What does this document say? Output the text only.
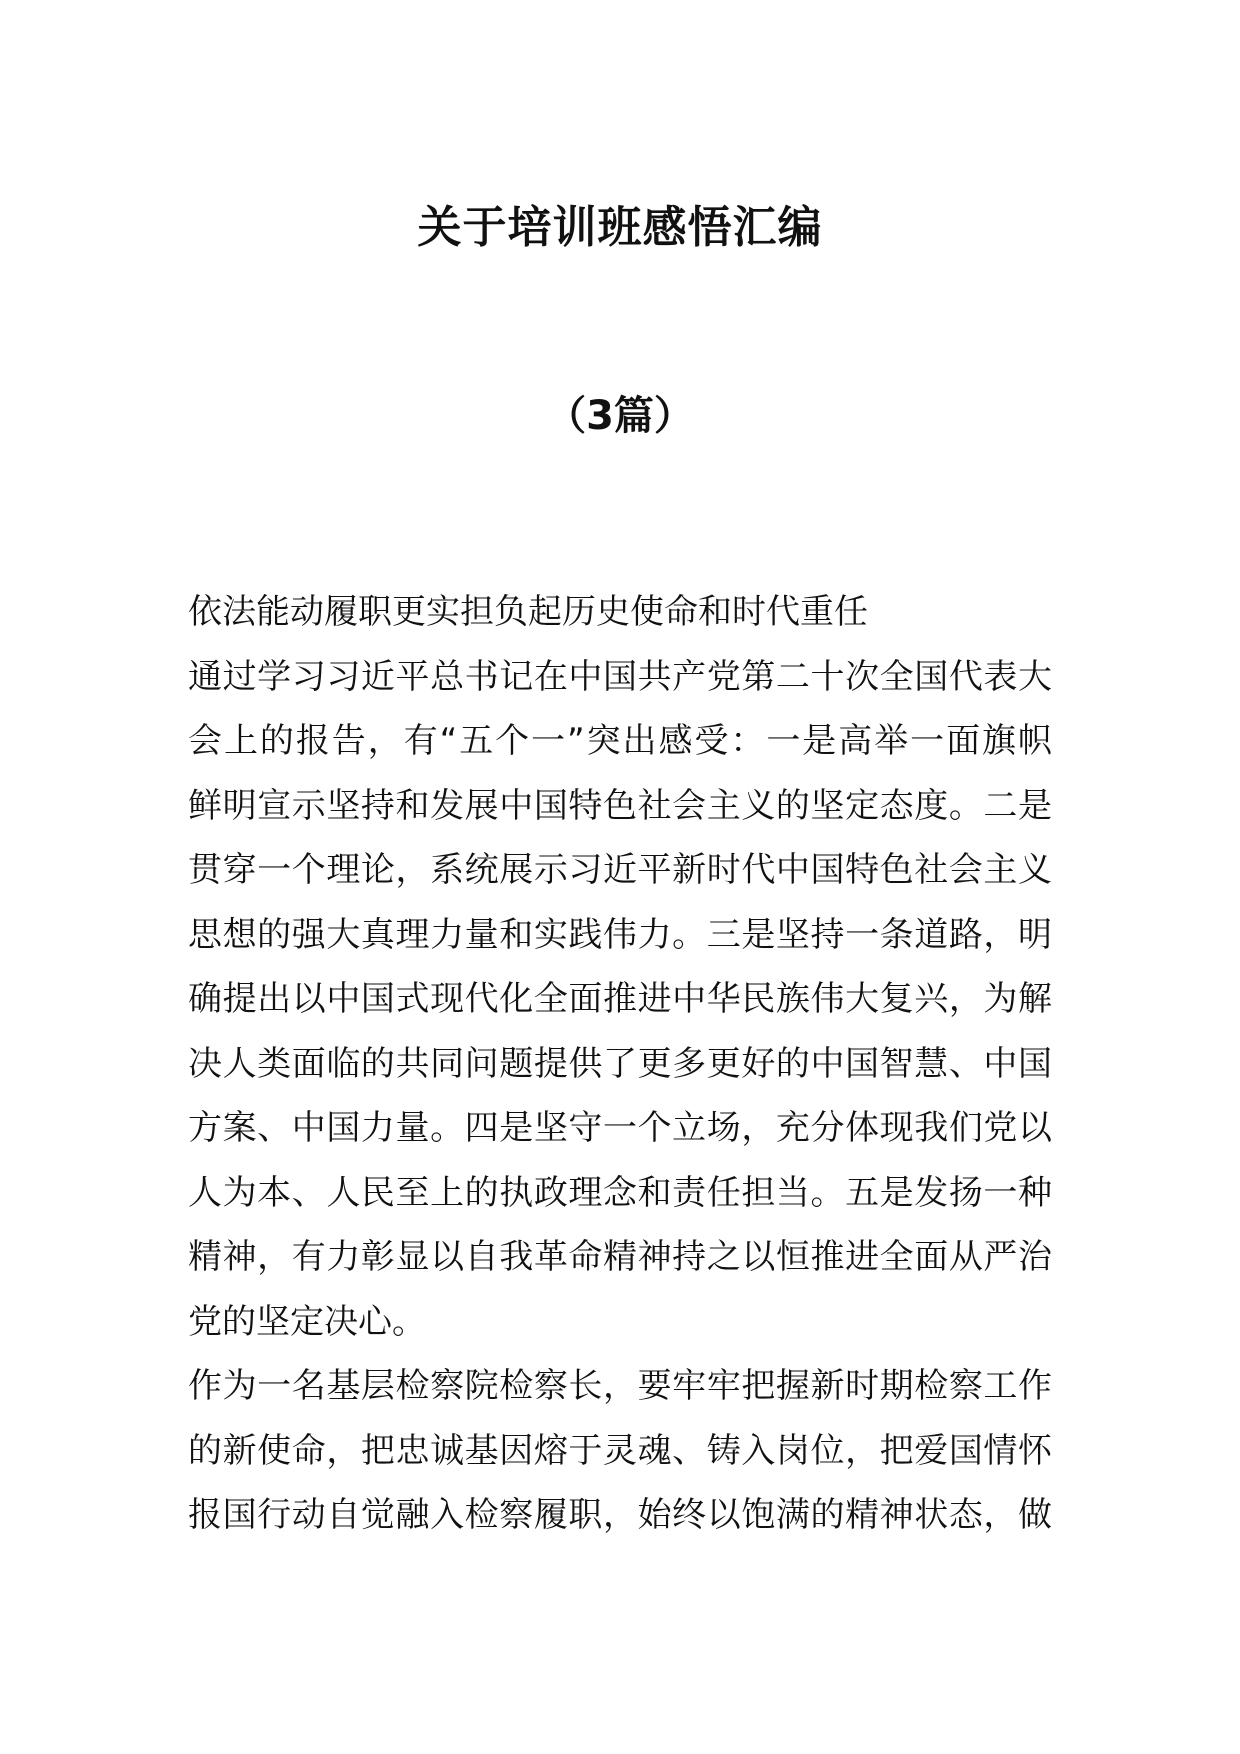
关于培训班感悟汇编
（3篇）

依法能动履职更实担负起历史使命和时代重任

通过学习习近平总书记在中国共产党第二十次全国代表大
会上的报告，有“五个一”突出感受：一是高举一面旗帜
鲜明宣示坚持和发展中国特色社会主义的坚定态度。二是
贯穿一个理论，系统展示习近平新时代中国特色社会主义
思想的强大真理力量和实践伟力。三是坚持一条道路，明
确提出以中国式现代化全面推进中华民族伟大复兴，为解
决人类面临的共同问题提供了更多更好的中国智慧、中国
方案、中国力量。四是坚守一个立场，充分体现我们党以
人为本、人民至上的执政理念和责任担当。五是发扬一种
精神，有力彰显以自我革命精神持之以恒推进全面从严治
党的坚定决心。

作为一名基层检察院检察长，要牢牢把握新时期检察工作
的新使命，把忠诚基因熔于灵魂、铸入岗位，把爱国情怀
报国行动自觉融入检察履职，始终以饱满的精神状态，做
